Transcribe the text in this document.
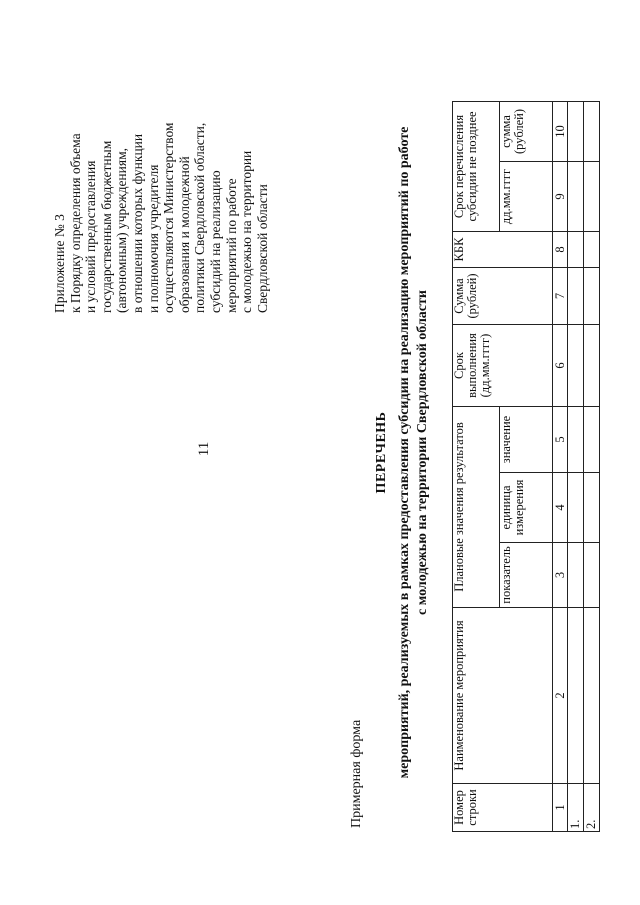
11
Приложение № 3 к Порядку определения объема и условий предоставления государственным бюджетным (автономным) учреждениям, в отношении которых функции и полномочия учредителя осуществляются Министерством образования и молодежной политики Свердловской области, субсидий на реализацию мероприятий по работе с молодежью на территории Свердловской области
Примерная форма
ПЕРЕЧЕНЬ мероприятий, реализуемых в рамках предоставления субсидии на реализацию мероприятий по работе с молодежью на территории Свердловской области
Номер строки	Наименование мероприятия	Плановые значения результатов			Срок выполнения (дд.мм.гггг)	Сумма (рублей)	КБК	Срок перечисления субсидии не позднее	
		показатель	единица измерения	значение				дд.мм.гггг	сумма (рублей)
1	2	3	4	5	6	7	8	9	10
1.									
2.									
